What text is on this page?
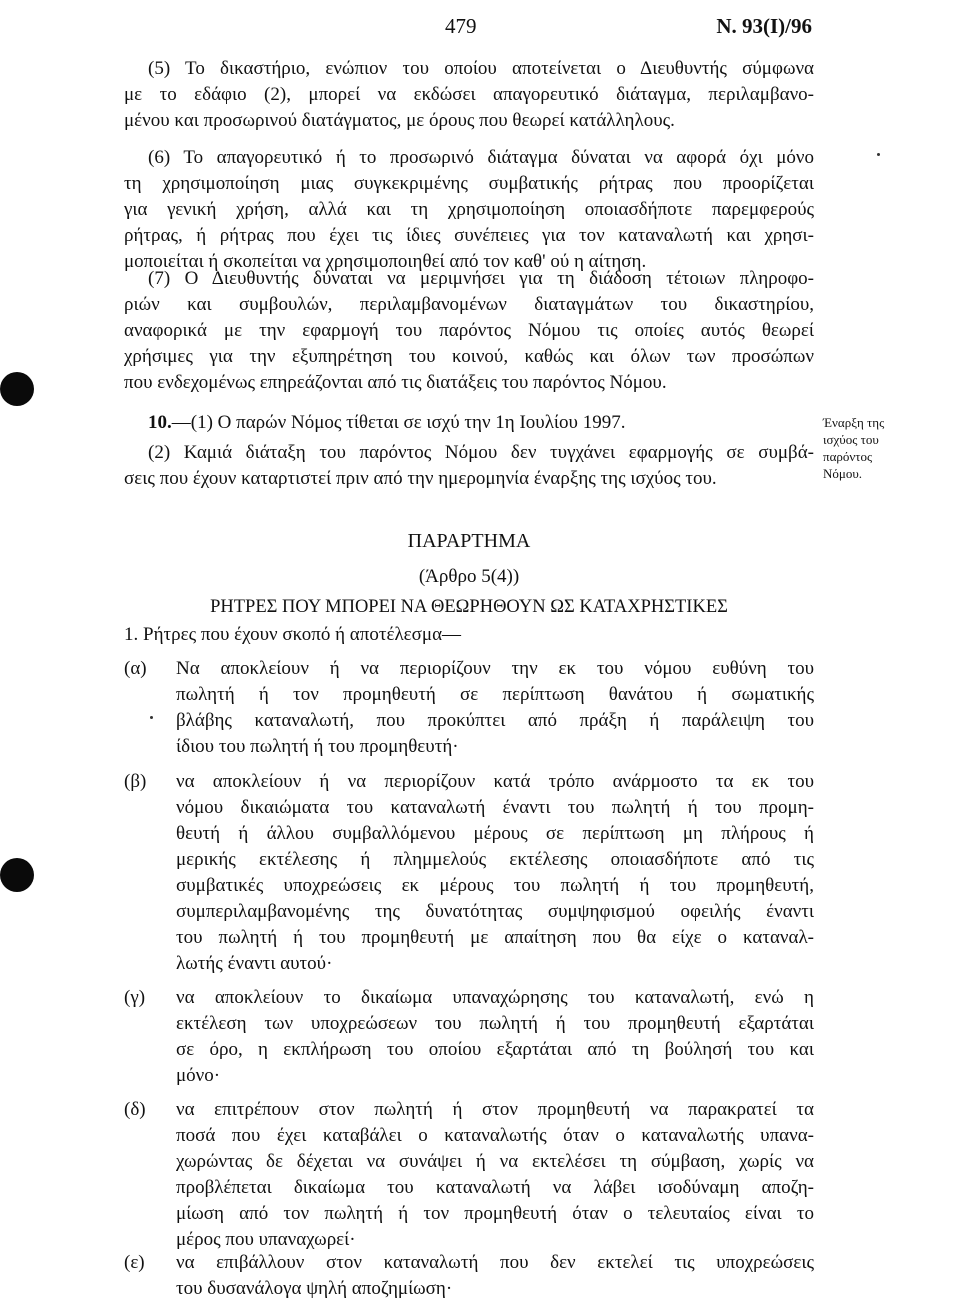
479	Ν. 93(I)/96
(5) Το δικαστήριο, ενώπιον του οποίου αποτείνεται ο Διευθυντής σύμφωνα
με το εδάφιο (2), μπορεί να εκδώσει απαγορευτικό διάταγμα, περιλαμβανο-
μένου και προσωρινού διατάγματος, με όρους που θεωρεί κατάλληλους.
(6) Το απαγορευτικό ή το προσωρινό διάταγμα δύναται να αφορά όχι μόνο
τη χρησιμοποίηση μιας συγκεκριμένης συμβατικής ρήτρας που προορίζεται
για γενική χρήση, αλλά και τη χρησιμοποίηση οποιασδήποτε παρεμφερούς
ρήτρας, ή ρήτρας που έχει τις ίδιες συνέπειες για τον καταναλωτή και χρησι-
μοποιείται ή σκοπείται να χρησιμοποιηθεί από τον καθ' ού η αίτηση.
(7) Ο Διευθυντής δύναται να μεριμνήσει για τη διάδοση τέτοιων πληροφο-
ριών και συμβουλών, περιλαμβανομένων διαταγμάτων του δικαστηρίου,
αναφορικά με την εφαρμογή του παρόντος Νόμου τις οποίες αυτός θεωρεί
χρήσιμες για την εξυπηρέτηση του κοινού, καθώς και όλων των προσώπων
που ενδεχομένως επηρεάζονται από τις διατάξεις του παρόντος Νόμου.
10.—(1) Ο παρών Νόμος τίθεται σε ισχύ την 1η Ιουλίου 1997.
(2) Καμιά διάταξη του παρόντος Νόμου δεν τυγχάνει εφαρμογής σε συμβά-
σεις που έχουν καταρτιστεί πριν από την ημερομηνία έναρξης της ισχύος του.
Έναρξη της
ισχύος του
παρόντος
Νόμου.
ΠΑΡΑΡΤΗΜΑ
(Άρθρο 5(4))
ΡΗΤΡΕΣ ΠΟΥ ΜΠΟΡΕΙ ΝΑ ΘΕΩΡΗΘΟΥΝ ΩΣ ΚΑΤΑΧΡΗΣΤΙΚΕΣ
1. Ρήτρες που έχουν σκοπό ή αποτέλεσμα—
(α)	Να αποκλείουν ή να περιορίζουν την εκ του νόμου ευθύνη του
πωλητή ή τον προμηθευτή σε περίπτωση θανάτου ή σωματικής
βλάβης καταναλωτή, που προκύπτει από πράξη ή παράλειψη του
ίδιου του πωλητή ή του προμηθευτή·
(β)	να αποκλείουν ή να περιορίζουν κατά τρόπο ανάρμοστο τα εκ του
νόμου δικαιώματα του καταναλωτή έναντι του πωλητή ή του προμη-
θευτή ή άλλου συμβαλλόμενου μέρους σε περίπτωση μη πλήρους ή
μερικής εκτέλεσης ή πλημμελούς εκτέλεσης οποιασδήποτε από τις
συμβατικές υποχρεώσεις εκ μέρους του πωλητή ή του προμηθευτή,
συμπεριλαμβανομένης της δυνατότητας συμψηφισμού οφειλής έναντι
του πωλητή ή του προμηθευτή με απαίτηση που θα είχε ο καταναλ-
λωτής έναντι αυτού·
(γ)	να αποκλείουν το δικαίωμα υπαναχώρησης του καταναλωτή, ενώ η
εκτέλεση των υποχρεώσεων του πωλητή ή του προμηθευτή εξαρτάται
σε όρο, η εκπλήρωση του οποίου εξαρτάται από τη βούλησή του και
μόνο·
(δ)	να επιτρέπουν στον πωλητή ή στον προμηθευτή να παρακρατεί τα
ποσά που έχει καταβάλει ο καταναλωτής όταν ο καταναλωτής υπανα-
χωρώντας δε δέχεται να συνάψει ή να εκτελέσει τη σύμβαση, χωρίς να
προβλέπεται δικαίωμα του καταναλωτή να λάβει ισοδύναμη αποζη-
μίωση από τον πωλητή ή τον προμηθευτή όταν ο τελευταίος είναι το
μέρος που υπαναχωρεί·
(ε)	να επιβάλλουν στον καταναλωτή που δεν εκτελεί τις υποχρεώσεις
του δυσανάλογα ψηλή αποζημίωση·
